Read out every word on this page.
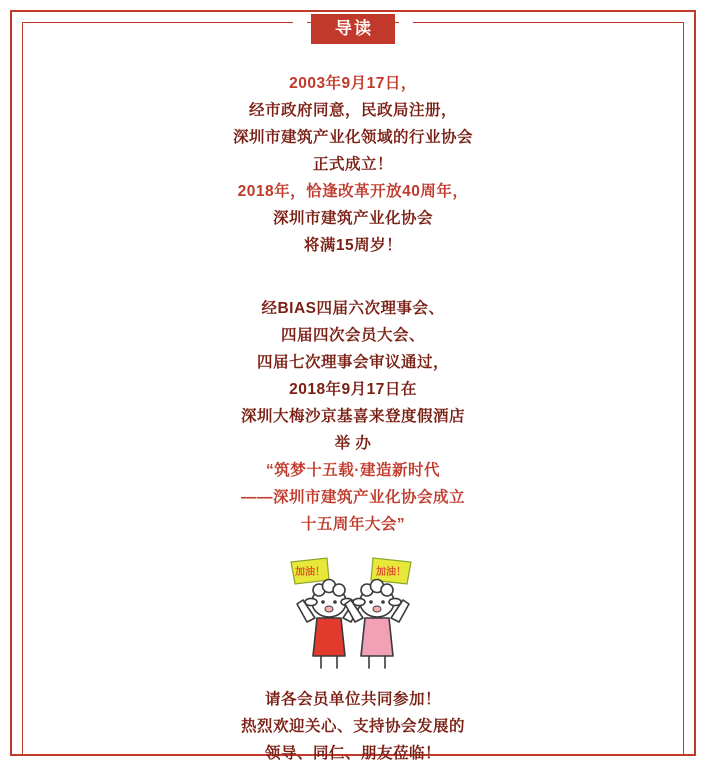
导读
2003年9月17日，
经市政府同意，民政局注册，
深圳市建筑产业化领域的行业协会
正式成立！
2018年，恰逢改革开放40周年，
深圳市建筑产业化协会
将满15周岁！
经BIAS四届六次理事会、
四届四次会员大会、
四届七次理事会审议通过，
2018年9月17日在
深圳大梅沙京基喜来登度假酒店
举 办
“筑梦十五载·建造新时代
——深圳市建筑产业化协会成立
十五周年大会”
加油！	加油！
请各会员单位共同参加！
热烈欢迎关心、支持协会发展的
领导、同仁、朋友莅临！
